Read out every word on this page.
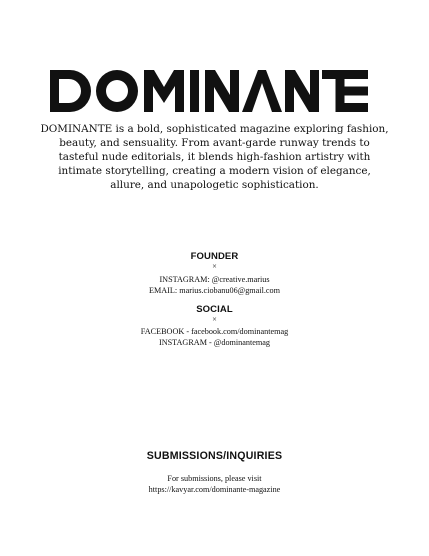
DOMINANTE is a bold, sophisticated magazine exploring fashion, beauty, and sensuality. From avant-garde runway trends to tasteful nude editorials, it blends high-fashion artistry with intimate storytelling, creating a modern vision of elegance, allure, and unapologetic sophistication.
FOUNDER
×
INSTAGRAM: @creative.marius
EMAIL: marius.ciobanu06@gmail.com
SOCIAL
×
FACEBOOK - facebook.com/dominantemag
INSTAGRAM - @dominantemag
SUBMISSIONS/INQUIRIES
For submissions, please visit
https://kavyar.com/dominante-magazine
